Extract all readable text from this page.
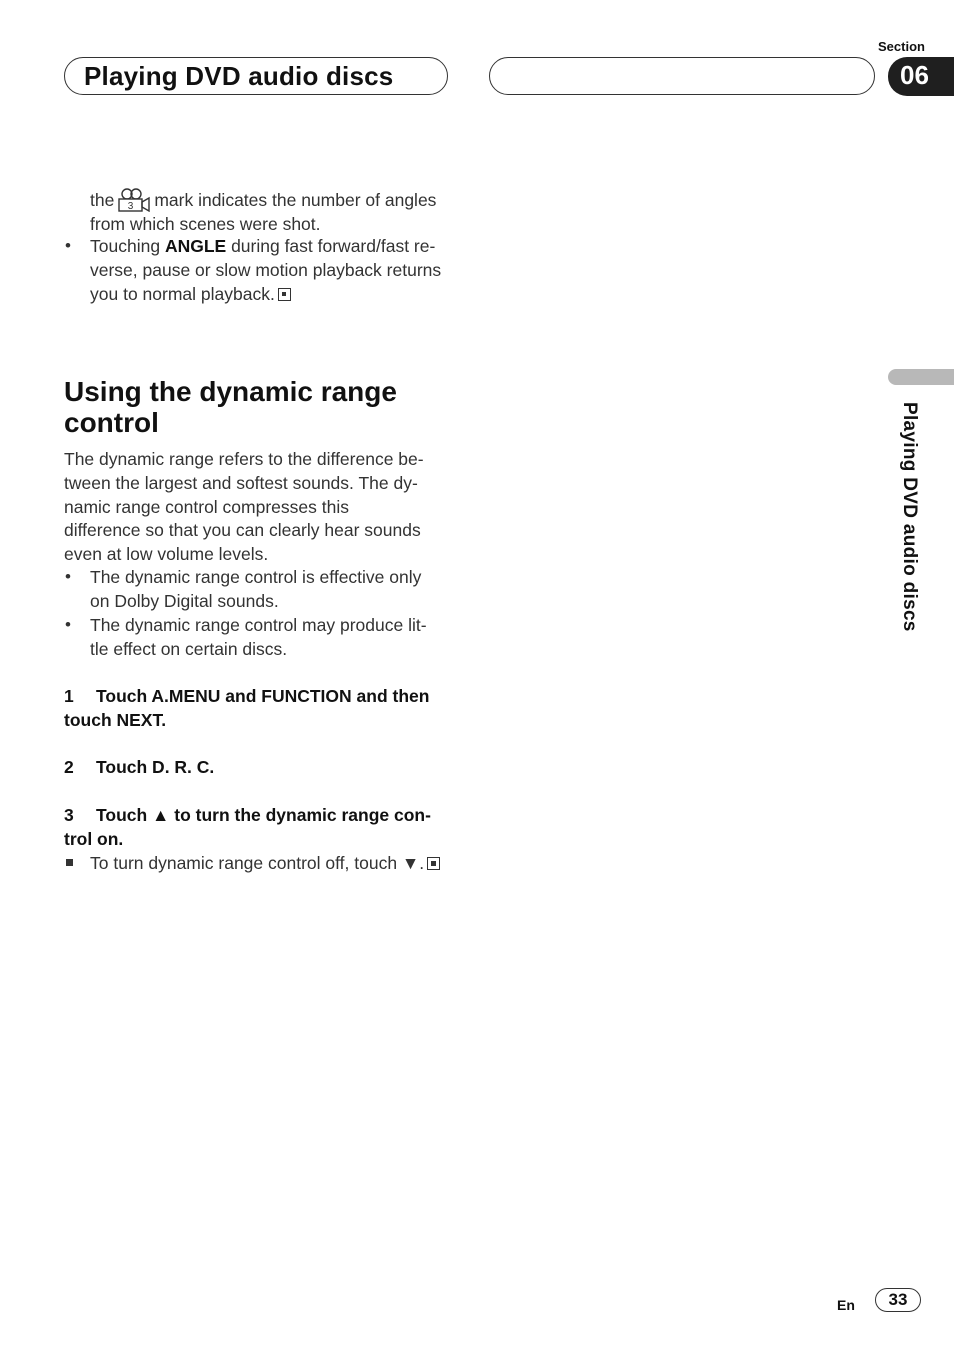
Playing DVD audio discs
Section
06
the 3 mark indicates the number of angles
from which scenes were shot.
• Touching ANGLE during fast forward/fast re-
verse, pause or slow motion playback returns
you to normal playback.
Using the dynamic range
control
The dynamic range refers to the difference be-
tween the largest and softest sounds. The dy-
namic range control compresses this
difference so that you can clearly hear sounds
even at low volume levels.
• The dynamic range control is effective only
on Dolby Digital sounds.
• The dynamic range control may produce lit-
tle effect on certain discs.
1 Touch A.MENU and FUNCTION and then
touch NEXT.
2 Touch D. R. C.
3 Touch ▲ to turn the dynamic range con-
trol on.
To turn dynamic range control off, touch ▼.
Playing DVD audio discs
En	33
